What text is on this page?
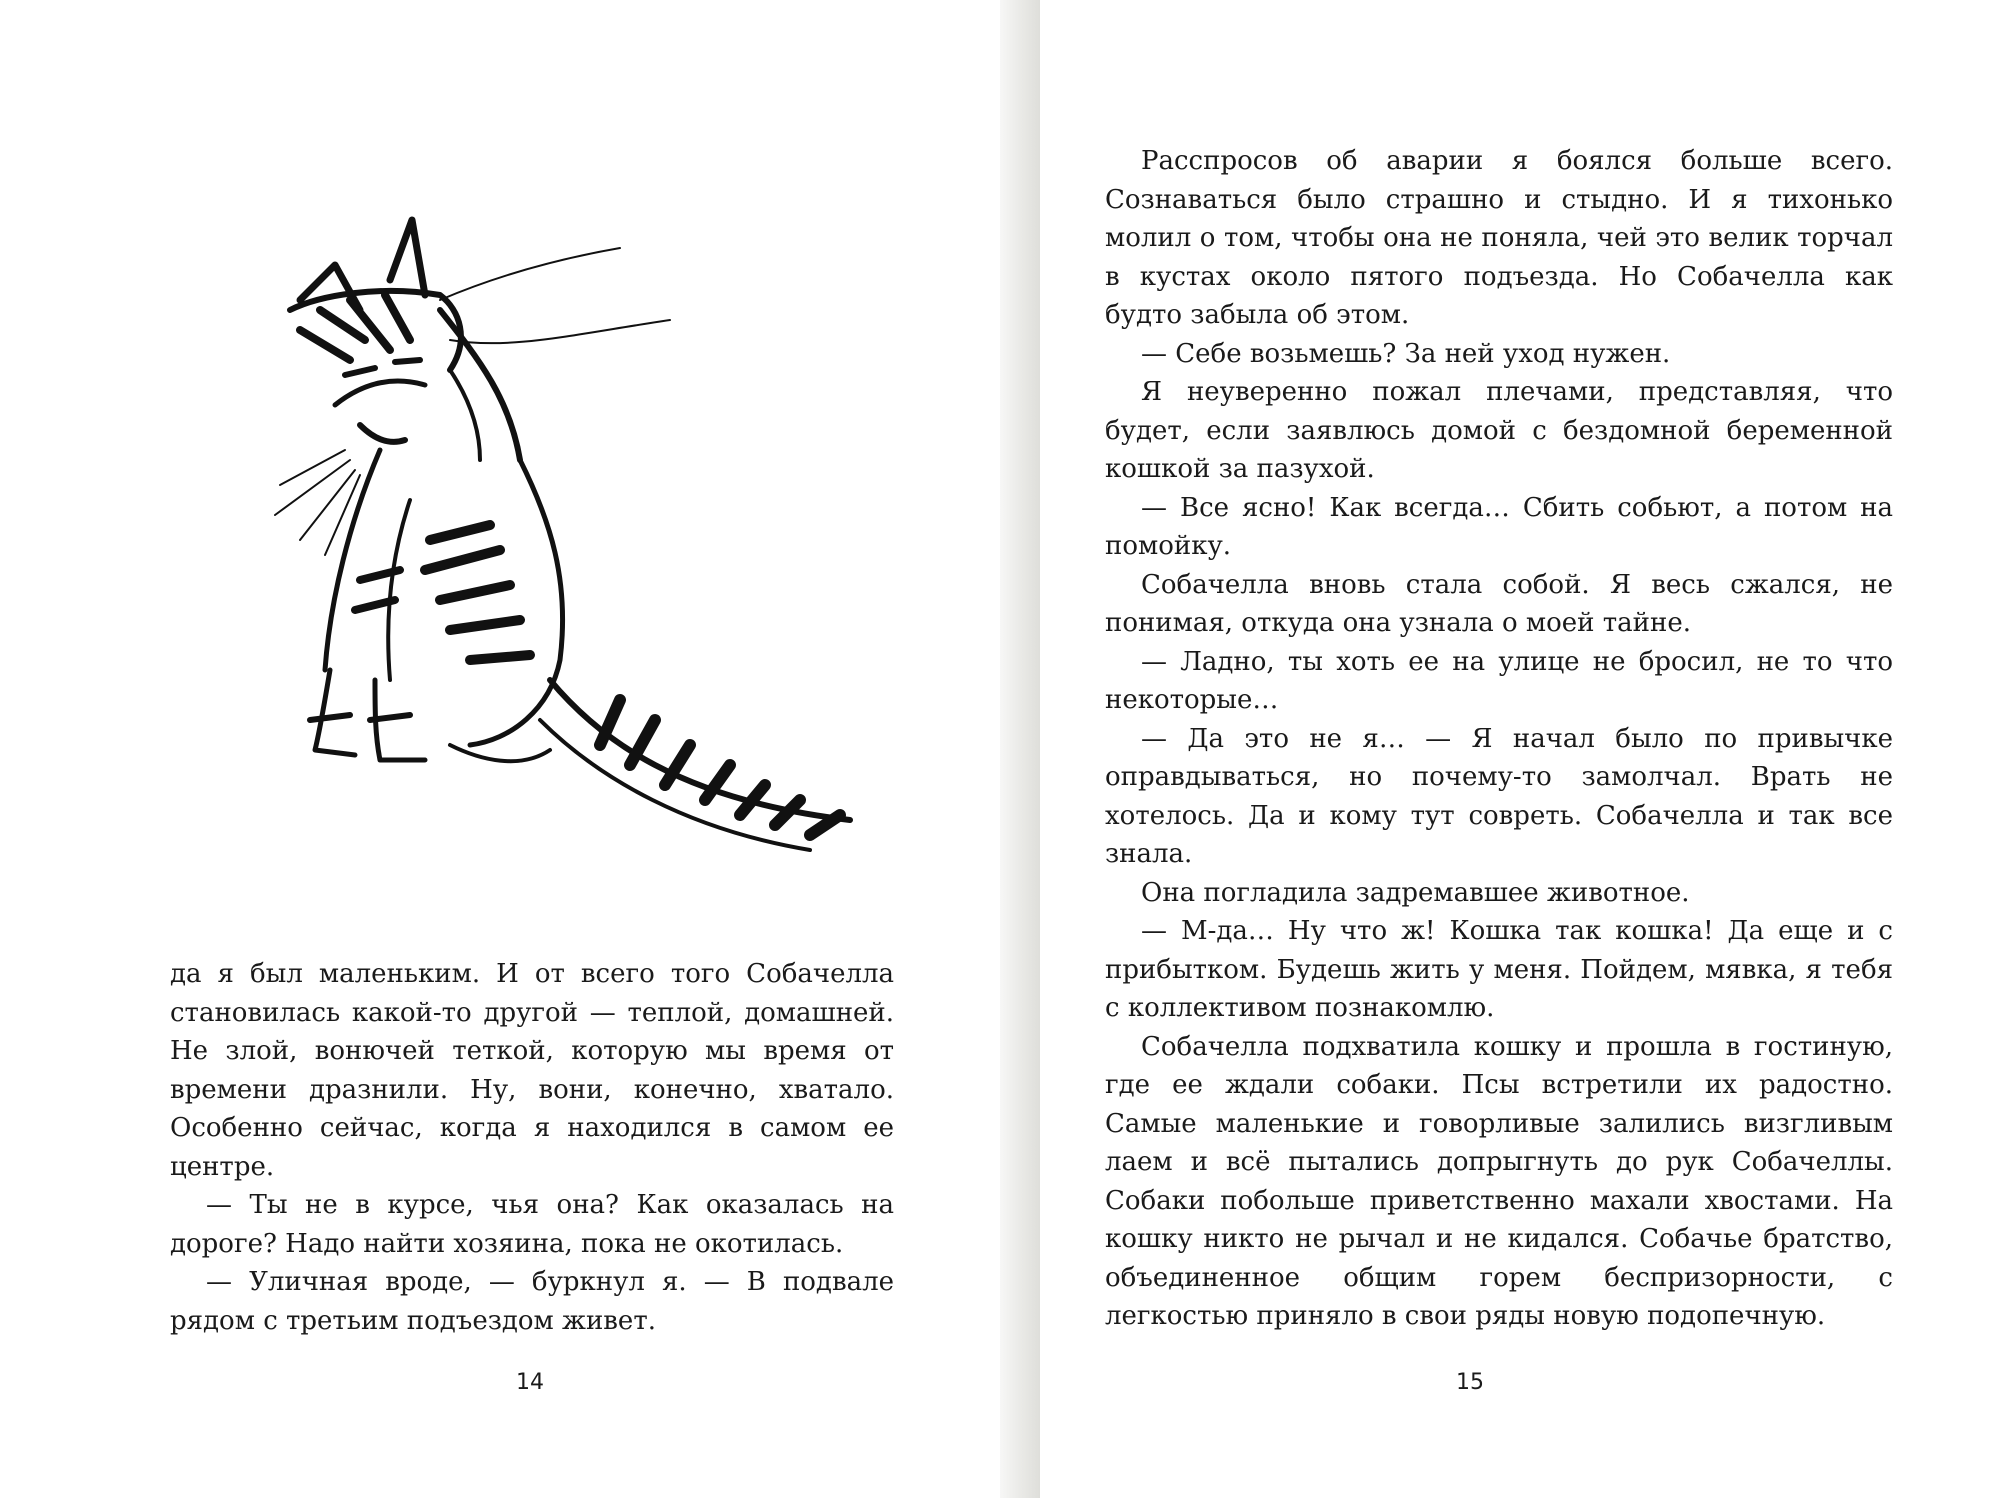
да я был маленьким. И от всего того Собачелла становилась какой-то другой — теплой, домашней. Не злой, вонючей теткой, которую мы время от времени дразнили. Ну, вони, конечно, хватало. Особенно сейчас, когда я находился в самом ее центре.

— Ты не в курсе, чья она? Как оказалась на дороге? Надо найти хозяина, пока не окотилась.

— Уличная вроде, — буркнул я. — В подвале рядом с третьим подъездом живет.

14

Расспросов об аварии я боялся больше всего. Сознаваться было страшно и стыдно. И я тихонько молил о том, чтобы она не поняла, чей это велик торчал в кустах около пятого подъезда. Но Собачелла как будто забыла об этом.

— Себе возьмешь? За ней уход нужен.

Я неуверенно пожал плечами, представляя, что будет, если заявлюсь домой с бездомной беременной кошкой за пазухой.

— Все ясно! Как всегда… Сбить собьют, а потом на помойку.

Собачелла вновь стала собой. Я весь сжался, не понимая, откуда она узнала о моей тайне.

— Ладно, ты хоть ее на улице не бросил, не то что некоторые…

— Да это не я… — Я начал было по привычке оправдываться, но почему-то замолчал. Врать не хотелось. Да и кому тут совреть. Собачелла и так все знала.

Она погладила задремавшее животное.

— М-да… Ну что ж! Кошка так кошка! Да еще и с прибытком. Будешь жить у меня. Пойдем, мявка, я тебя с коллективом познакомлю.

Собачелла подхватила кошку и прошла в гостиную, где ее ждали собаки. Псы встретили их радостно. Самые маленькие и говорливые залились визгливым лаем и всё пытались допрыгнуть до рук Собачеллы. Собаки побольше приветственно махали хвостами. На кошку никто не рычал и не кидался. Собачье братство, объединенное общим горем беспризорности, с легкостью приняло в свои ряды новую подопечную.

15
